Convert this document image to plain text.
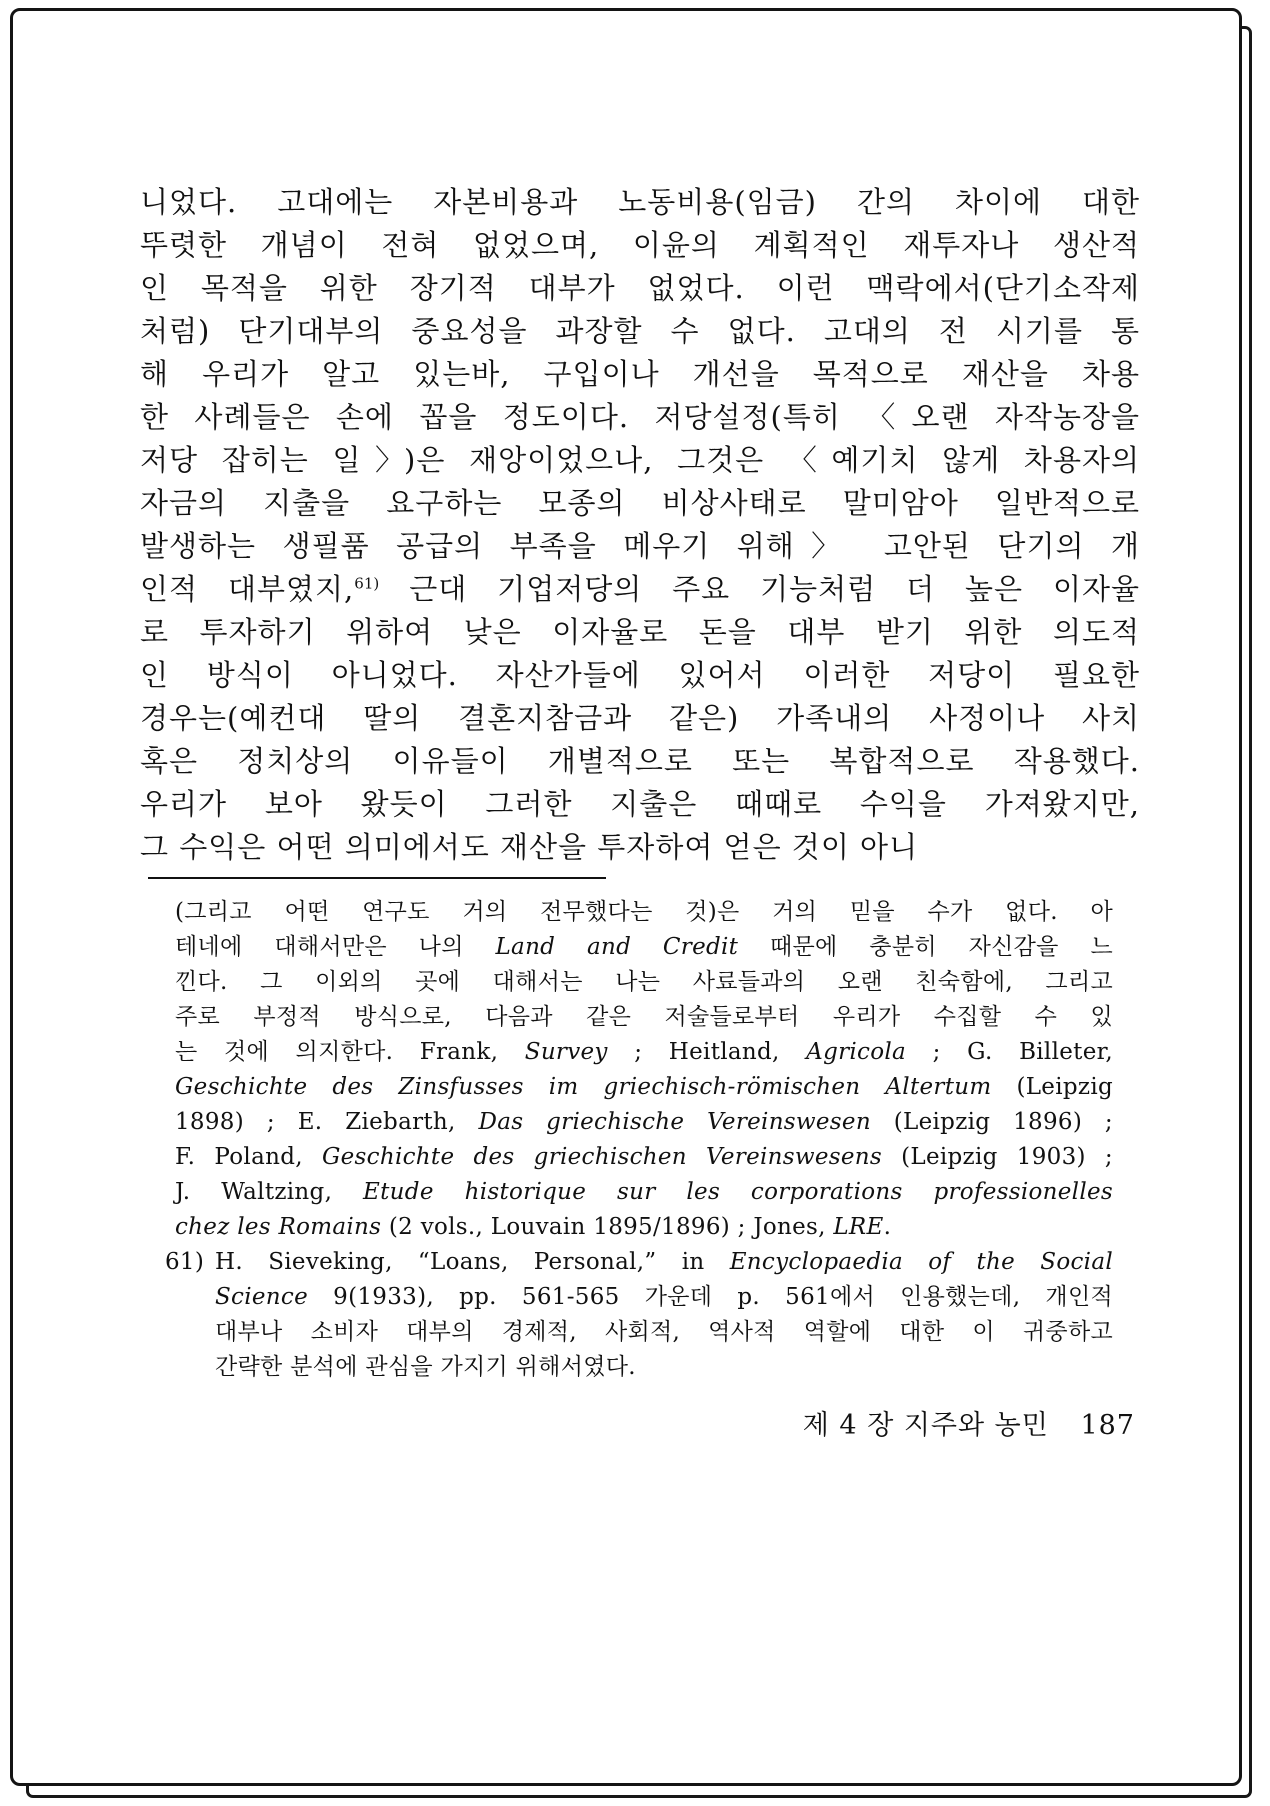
니었다. 고대에는 자본비용과 노동비용(임금) 간의 차이에 대한
뚜렷한 개념이 전혀 없었으며, 이윤의 계획적인 재투자나 생산적
인 목적을 위한 장기적 대부가 없었다. 이런 맥락에서(단기소작제
처럼) 단기대부의 중요성을 과장할 수 없다. 고대의 전 시기를 통
해 우리가 알고 있는바, 구입이나 개선을 목적으로 재산을 차용
한 사례들은 손에 꼽을 정도이다. 저당설정(특히 〈오랜 자작농장을
저당 잡히는 일〉)은 재앙이었으나, 그것은 〈예기치 않게 차용자의
자금의 지출을 요구하는 모종의 비상사태로 말미암아 일반적으로
발생하는 생필품 공급의 부족을 메우기 위해〉 고안된 단기의 개
인적 대부였지,$^{61)}$ 근대 기업저당의 주요 기능처럼 더 높은 이자율
로 투자하기 위하여 낮은 이자율로 돈을 대부 받기 위한 의도적
인 방식이 아니었다. 자산가들에 있어서 이러한 저당이 필요한
경우는(예컨대 딸의 결혼지참금과 같은) 가족내의 사정이나 사치
혹은 정치상의 이유들이 개별적으로 또는 복합적으로 작용했다.
우리가 보아 왔듯이 그러한 지출은 때때로 수익을 가져왔지만,
그 수익은 어떤 의미에서도 재산을 투자하여 얻은 것이 아니
(그리고 어떤 연구도 거의 전무했다는 것)은 거의 믿을 수가 없다. 아
테네에 대해서만은 나의 Land and Credit 때문에 충분히 자신감을 느
낀다. 그 이외의 곳에 대해서는 나는 사료들과의 오랜 친숙함에, 그리고
주로 부정적 방식으로, 다음과 같은 저술들로부터 우리가 수집할 수 있
는 것에 의지한다. Frank, Survey ; Heitland, Agricola ; G. Billeter,
Geschichte des Zinsfusses im griechisch-römischen Altertum (Leipzig
1898) ; E. Ziebarth, Das griechische Vereinswesen (Leipzig 1896) ;
F. Poland, Geschichte des griechischen Vereinswesens (Leipzig 1903) ;
J. Waltzing, Etude historique sur les corporations professionelles
chez les Romains (2 vols., Louvain 1895/1896) ; Jones, LRE.
61) H. Sieveking, “Loans, Personal,” in Encyclopaedia of the Social
Science 9(1933), pp. 561-565 가운데 p. 561에서 인용했는데, 개인적
대부나 소비자 대부의 경제적, 사회적, 역사적 역할에 대한 이 귀중하고
간략한 분석에 관심을 가지기 위해서였다.
제 4 장 지주와 농민 187
